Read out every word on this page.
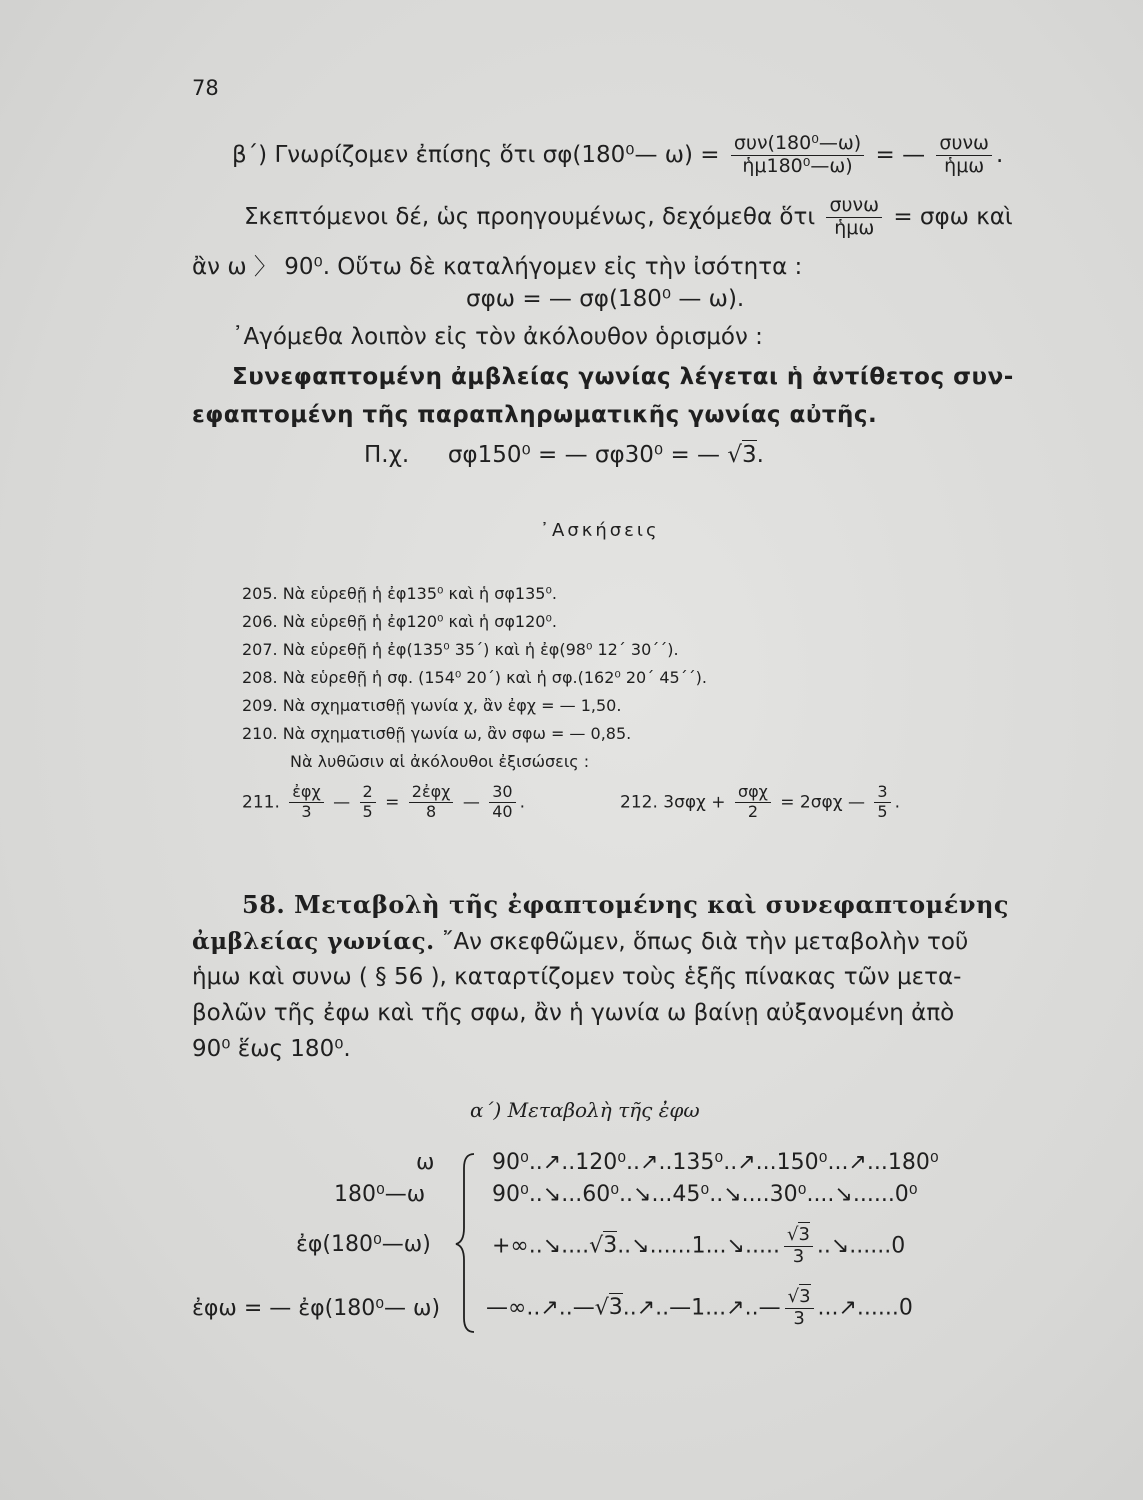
78
β΄) Γνωρίζομεν ἐπίσης ὅτι σφ(180⁰— $\omega) = \frac{\text{συν(180⁰—ω)}}{\text{ἡμ180⁰—ω)}}$ = — $\frac{\text{συνω}}{\text{ἡμω}}$ .
Σκεπτόμενοι δέ, ὡς προηγουμένως, δεχόμεθα ὅτι $\frac{\text{συνω}}{\text{ἡμω}} = \sigma\varphi\omega$ καὶ
ἂν ω 〉 90⁰. Οὕτω δὲ καταλήγομεν εἰς τὴν ἰσότητα :
σφω = — σφ(180⁰ — ω).
᾿Αγόμεθα λοιπὸν εἰς τὸν ἀκόλουθον ὁρισμόν :
Συνεφαπτομένη ἀμβλείας γωνίας λέγεται ἡ ἀντίθετος συν-
εφαπτομένη τῆς παραπληρωματικῆς γωνίας αὐτῆς.
Π.χ. σφ150⁰ = — σφ30⁰ = — √3.
᾿Ασκήσεις
205. Νὰ εὑρεθῇ ἡ ἐφ135⁰ καὶ ἡ σφ135⁰.
206. Νὰ εὑρεθῇ ἡ ἐφ120⁰ καὶ ἡ σφ120⁰.
207. Νὰ εὑρεθῇ ἡ ἐφ(135⁰ 35΄) καὶ ἡ ἐφ(98⁰ 12΄ 30΄΄).
208. Νὰ εὑρεθῇ ἡ σφ. (154⁰ 20΄) καὶ ἡ σφ.(162⁰ 20΄ 45΄΄).
209. Νὰ σχηματισθῇ γωνία χ, ἂν ἐφχ = — 1,50.
210. Νὰ σχηματισθῇ γωνία ω, ἂν σφω = — 0,85.
Νὰ λυθῶσιν αἱ ἀκόλουθοι ἐξισώσεις :
211. $\frac{\text{ἐφχ}}{3}$ — $\frac{2}{5} = \frac{\text{2ἐφχ}}{8}$ — $\frac{30}{40}$ .	212. $3\sigma\varphi\chi + \frac{\text{σφχ}}{2} = 2\sigma\varphi\chi$ — $\frac{3}{5}$ .
58. Μεταβολὴ τῆς ἐφαπτομένης καὶ συνεφαπτομένης
ἀμβλείας γωνίας. ῎Αν σκεφθῶμεν, ὅπως διὰ τὴν μεταβολὴν τοῦ
ἡμω καὶ συνω ( § 56 ), καταρτίζομεν τοὺς ἑξῆς πίνακας τῶν μετα-
βολῶν τῆς ἐφω καὶ τῆς σφω, ἂν ἡ γωνία ω βαίνῃ αὐξανομένη ἀπὸ
90⁰ ἕως 180⁰.
α΄) Μεταβολὴ τῆς ἐφω
ω
180⁰—ω
ἐφ(180⁰—ω)
ἐφω = — ἐφ(180⁰— ω)
90⁰..↗..120⁰..↗..135⁰..↗...150⁰...↗...180⁰
90⁰..↘...60⁰..↘...45⁰..↘....30⁰....↘......0⁰
+∞..↘....√3..↘......1...↘..... $\frac{√3}{3}$ ..↘......0
—∞..↗..—√3..↗..—1...↗..— $\frac{√3}{3}$ ...↗......0
